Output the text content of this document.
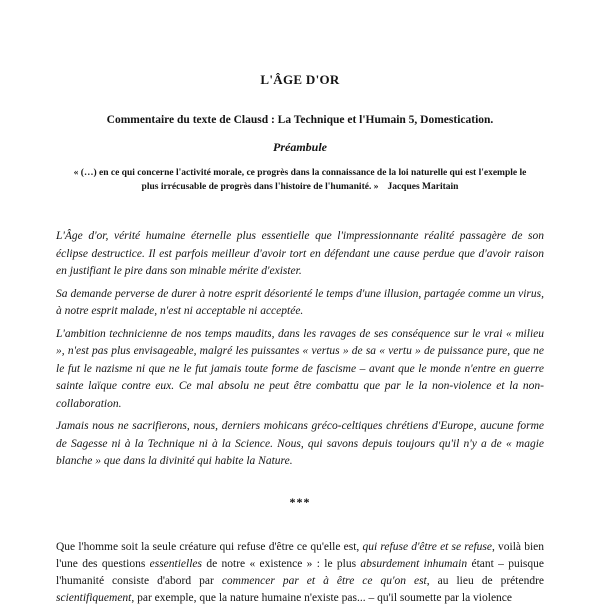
L'ÂGE D'OR
Commentaire du texte de Clausd : La Technique et l'Humain 5, Domestication.
Préambule
« (…) en ce qui concerne l'activité morale, ce progrès dans la connaissance de la loi naturelle qui est l'exemple le plus irrécusable de progrès dans l'histoire de l'humanité. » Jacques Maritain

L'Âge d'or, vérité humaine éternelle plus essentielle que l'impressionnante réalité passagère de son éclipse destructice. Il est parfois meilleur d'avoir tort en défendant une cause perdue que d'avoir raison en justifiant le pire dans son minable mérite d'exister.

Sa demande perverse de durer à notre esprit désorienté le temps d'une illusion, partagée comme un virus, à notre esprit malade, n'est ni acceptable ni acceptée.

L'ambition technicienne de nos temps maudits, dans les ravages de ses conséquence sur le vrai « milieu », n'est pas plus envisageable, malgré les puissantes « vertus » de sa « vertu » de puissance pure, que ne le fut le nazisme ni que ne le fut jamais toute forme de fascisme – avant que le monde n'entre en guerre sainte laïque contre eux. Ce mal absolu ne peut être combattu que par le la non-violence et la non-collaboration.

Jamais nous ne sacrifierons, nous, derniers mohicans gréco-celtiques chrétiens d'Europe, aucune forme de Sagesse ni à la Technique ni à la Science. Nous, qui savons depuis toujours qu'il n'y a de « magie blanche » que dans la divinité qui habite la Nature.

***
Que l'homme soit la seule créature qui refuse d'être ce qu'elle est, qui refuse d'être et se refuse, voilà bien l'une des questions essentielles de notre « existence » : le plus absurdement inhumain étant – puisque l'humanité consiste d'abord par commencer par et à être ce qu'on est, au lieu de prétendre scientifiquement, par exemple, que la nature humaine n'existe pas... – qu'il soumette par la violence
